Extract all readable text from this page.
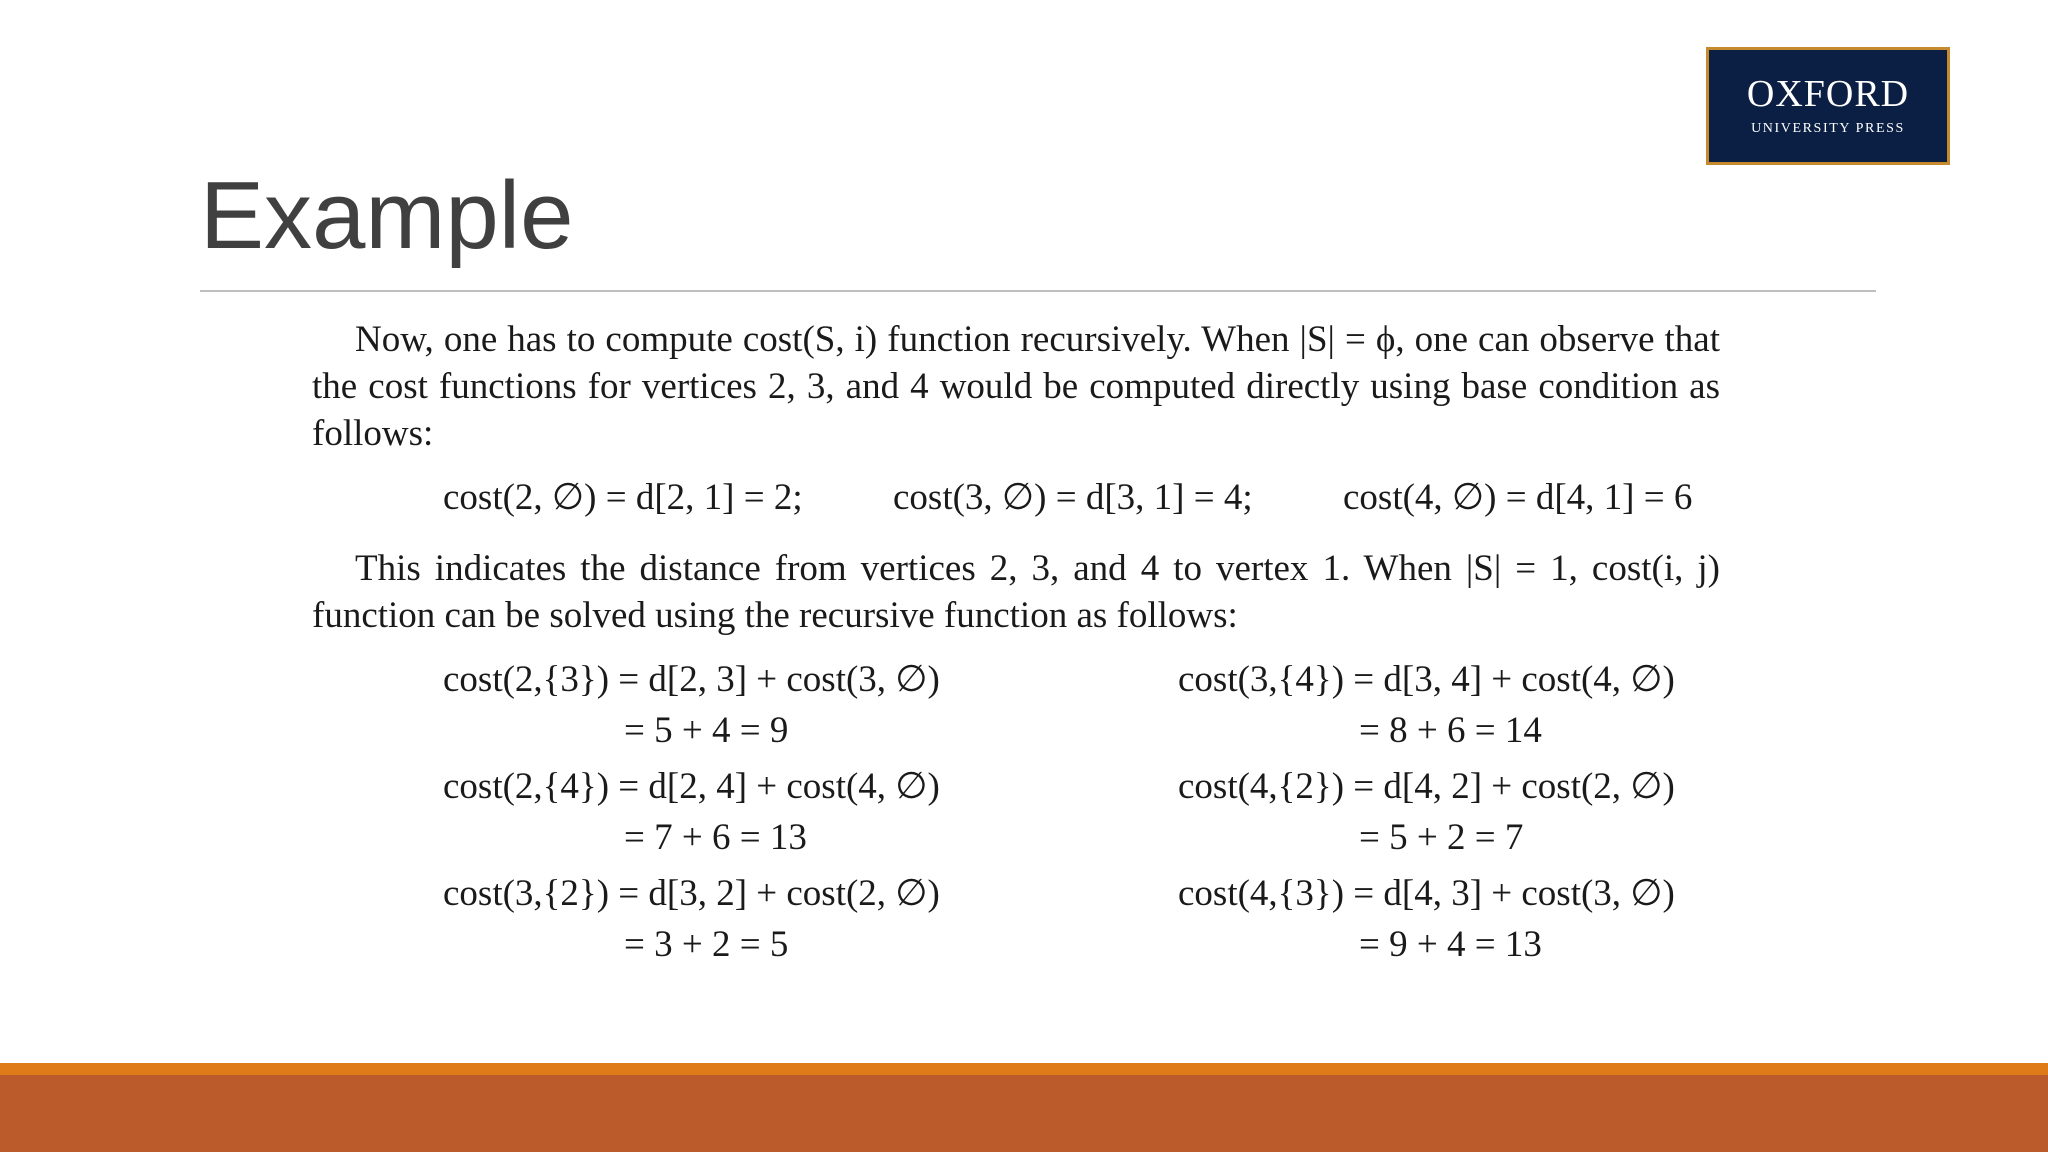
OXFORD
UNIVERSITY PRESS
Example

Now, one has to compute cost(S, i) function recursively. When |S| = ϕ, one can observe that the cost functions for vertices 2, 3, and 4 would be computed directly using base condition as follows:

cost(2, ∅) = d[2, 1] = 2; cost(3, ∅) = d[3, 1] = 4; cost(4, ∅) = d[4, 1] = 6

This indicates the distance from vertices 2, 3, and 4 to vertex 1. When |S| = 1, cost(i, j) function can be solved using the recursive function as follows:

cost(2,{3}) = d[2, 3] + cost(3, ∅)
= 5 + 4 = 9
cost(2,{4}) = d[2, 4] + cost(4, ∅)
= 7 + 6 = 13
cost(3,{2}) = d[3, 2] + cost(2, ∅)
= 3 + 2 = 5
cost(3,{4}) = d[3, 4] + cost(4, ∅)
= 8 + 6 = 14
cost(4,{2}) = d[4, 2] + cost(2, ∅)
= 5 + 2 = 7
cost(4,{3}) = d[4, 3] + cost(3, ∅)
= 9 + 4 = 13
